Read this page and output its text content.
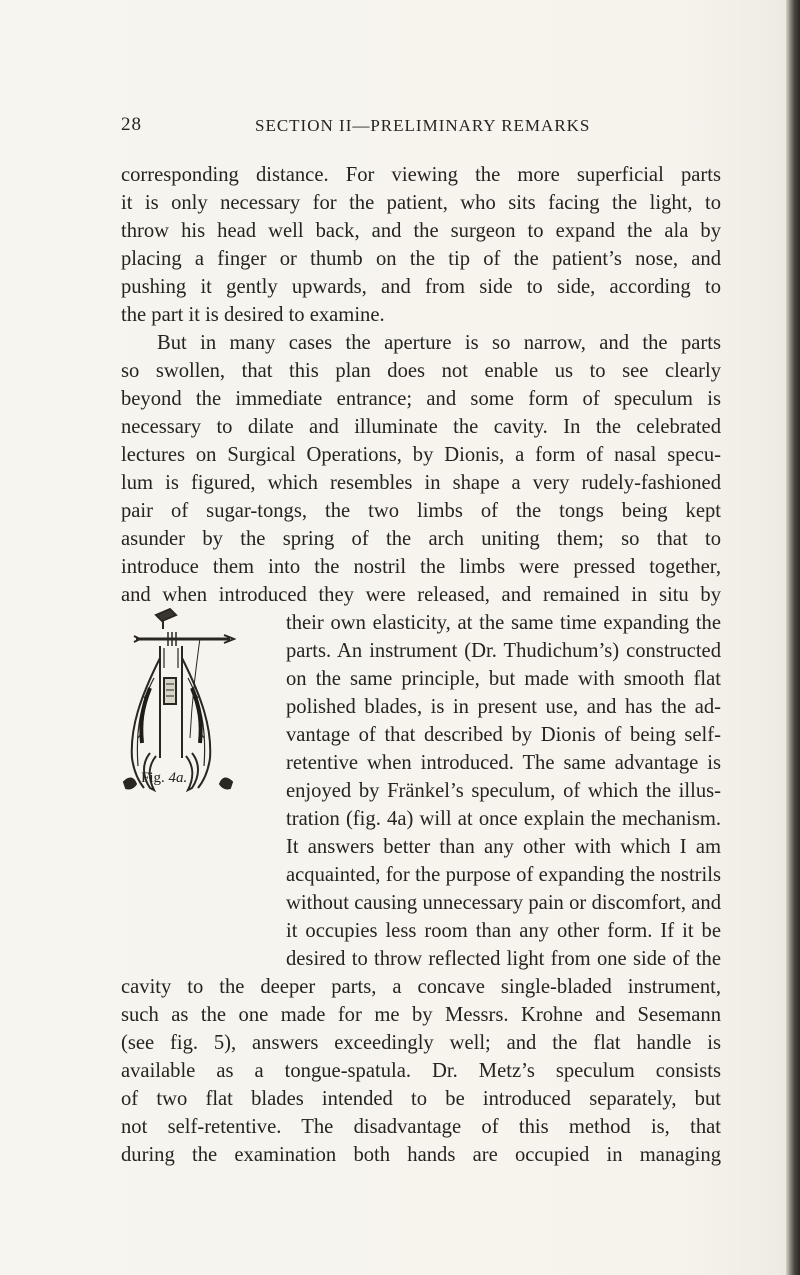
28	SECTION II—PRELIMINARY REMARKS
corresponding distance. For viewing the more superficial parts
it is only necessary for the patient, who sits facing the light, to
throw his head well back, and the surgeon to expand the ala by
placing a finger or thumb on the tip of the patient’s nose, and
pushing it gently upwards, and from side to side, according to
the part it is desired to examine.
But in many cases the aperture is so narrow, and the parts
so swollen, that this plan does not enable us to see clearly
beyond the immediate entrance; and some form of speculum is
necessary to dilate and illuminate the cavity. In the celebrated
lectures on Surgical Operations, by Dionis, a form of nasal specu-
lum is figured, which resembles in shape a very rudely-fashioned
pair of sugar-tongs, the two limbs of the tongs being kept
asunder by the spring of the arch uniting them; so that to
introduce them into the nostril the limbs were pressed together,
and when introduced they were released, and remained in situ by
Fig. 4a.
their own elasticity, at the same time expanding the
parts. An instrument (Dr. Thudichum’s) constructed
on the same principle, but made with smooth flat
polished blades, is in present use, and has the ad-
vantage of that described by Dionis of being self-
retentive when introduced. The same advantage is
enjoyed by Fränkel’s speculum, of which the illus-
tration (fig. 4a) will at once explain the mechanism.
It answers better than any other with which I am
acquainted, for the purpose of expanding the nostrils
without causing unnecessary pain or discomfort, and
it occupies less room than any other form. If it be
desired to throw reflected light from one side of the
cavity to the deeper parts, a concave single-bladed instrument,
such as the one made for me by Messrs. Krohne and Sesemann
(see fig. 5), answers exceedingly well; and the flat handle is
available as a tongue-spatula. Dr. Metz’s speculum consists
of two flat blades intended to be introduced separately, but
not self-retentive. The disadvantage of this method is, that
during the examination both hands are occupied in managing
